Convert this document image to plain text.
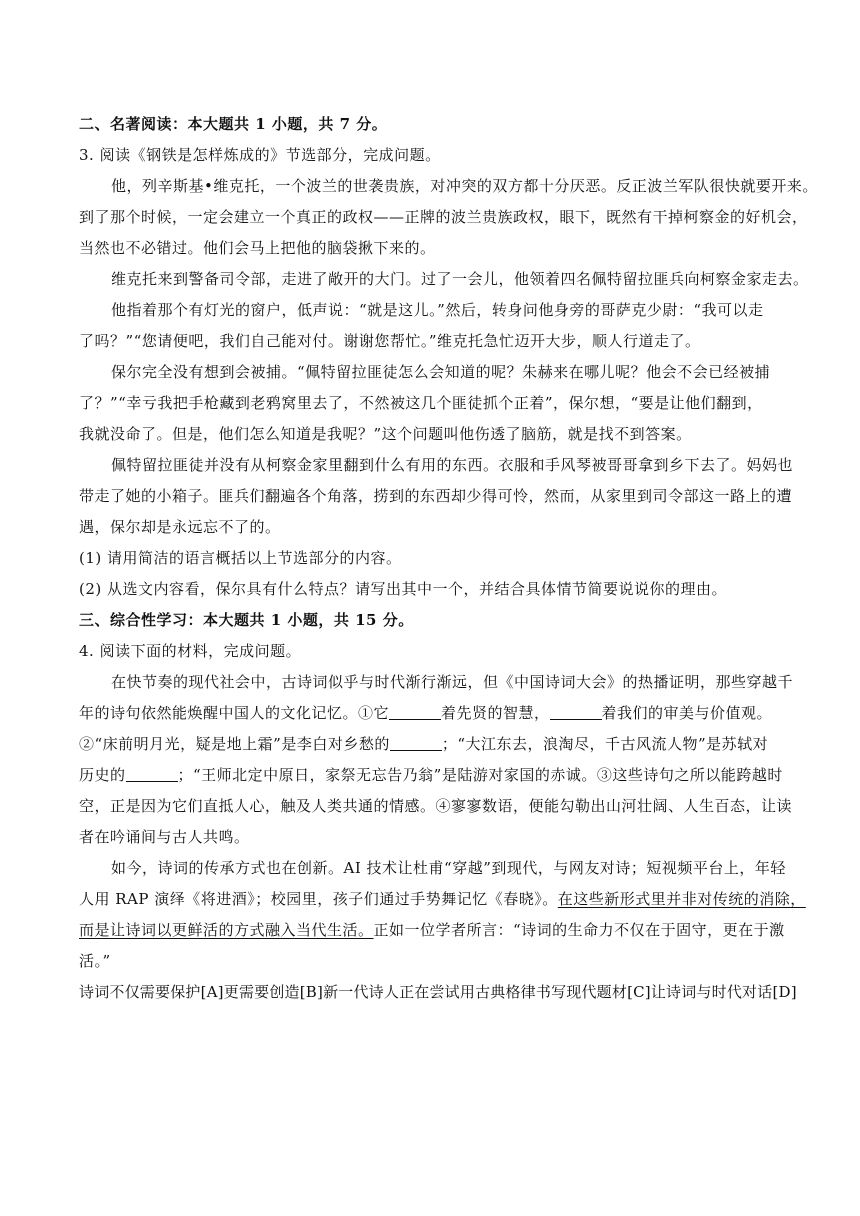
二、名著阅读：本大题共 1 小题，共 7 分。
3. 阅读《钢铁是怎样炼成的》节选部分，完成问题。
他，列辛斯基•维克托，一个波兰的世袭贵族，对冲突的双方都十分厌恶。反正波兰军队很快就要开来。
到了那个时候，一定会建立一个真正的政权——正牌的波兰贵族政权，眼下，既然有干掉柯察金的好机会，
当然也不必错过。他们会马上把他的脑袋揪下来的。
维克托来到警备司令部，走进了敞开的大门。过了一会儿，他领着四名佩特留拉匪兵向柯察金家走去。
他指着那个有灯光的窗户，低声说：“就是这儿。”然后，转身问他身旁的哥萨克少尉：“我可以走
了吗？”“您请便吧，我们自己能对付。谢谢您帮忙。”维克托急忙迈开大步，顺人行道走了。
保尔完全没有想到会被捕。“佩特留拉匪徒怎么会知道的呢？朱赫来在哪儿呢？他会不会已经被捕
了？”“幸亏我把手枪藏到老鸦窝里去了，不然被这几个匪徒抓个正着”，保尔想，“要是让他们翻到，
我就没命了。但是，他们怎么知道是我呢？”这个问题叫他伤透了脑筋，就是找不到答案。
佩特留拉匪徒并没有从柯察金家里翻到什么有用的东西。衣服和手风琴被哥哥拿到乡下去了。妈妈也
带走了她的小箱子。匪兵们翻遍各个角落，捞到的东西却少得可怜，然而，从家里到司令部这一路上的遭
遇，保尔却是永远忘不了的。
(1) 请用简洁的语言概括以上节选部分的内容。
(2) 从选文内容看，保尔具有什么特点？请写出其中一个，并结合具体情节简要说说你的理由。
三、综合性学习：本大题共 1 小题，共 15 分。
4. 阅读下面的材料，完成问题。
在快节奏的现代社会中，古诗词似乎与时代渐行渐远，但《中国诗词大会》的热播证明，那些穿越千
年的诗句依然能焕醒中国人的文化记忆。①它	着先贤的智慧，	着我们的审美与价值观。
②“床前明月光，疑是地上霜”是李白对乡愁的	；“大江东去，浪淘尽，千古风流人物”是苏轼对
历史的	；“王师北定中原日，家祭无忘告乃翁”是陆游对家国的赤诚。③这些诗句之所以能跨越时
空，正是因为它们直抵人心，触及人类共通的情感。④寥寥数语，便能勾勒出山河壮阔、人生百态，让读
者在吟诵间与古人共鸣。
如今，诗词的传承方式也在创新。AI 技术让杜甫“穿越”到现代，与网友对诗；短视频平台上，年轻
人用 RAP 演绎《将进酒》；校园里，孩子们通过手势舞记忆《春晓》。在这些新形式里并非对传统的消除，
而是让诗词以更鲜活的方式融入当代生活。正如一位学者所言：“诗词的生命力不仅在于固守，更在于激
活。”
诗词不仅需要保护[A]更需要创造[B]新一代诗人正在尝试用古典格律书写现代题材[C]让诗词与时代对话[D]
